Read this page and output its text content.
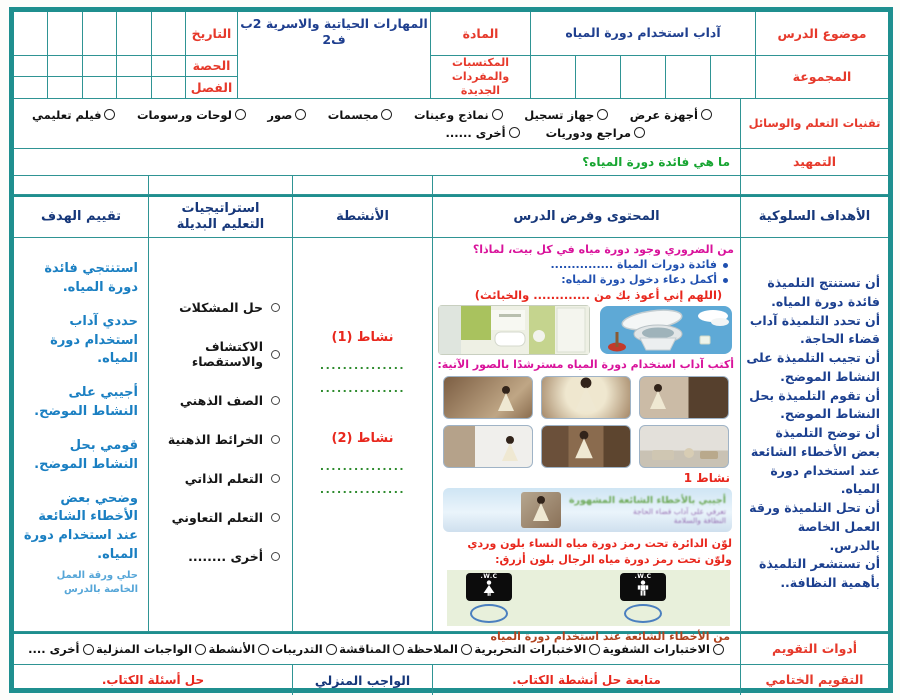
موضوع الدرس
المجموعة
آداب استخدام دورة المياه
المادة
المكتسبات والمفردات الجديدة
المهارات الحياتية والاسرية 2ب ف2
التاريخ
الحصة
الفصل
تقنيات التعلم والوسائل
أجهزة عرض
جهاز تسجيل
نماذج وعينات
مجسمات
صور
لوحات ورسومات
فيلم تعليمي
مراجع ودوريات
أخرى ......
التمهيد
ما هي فائدة دورة المياه؟
الأهداف السلوكية
المحتوى وفرض الدرس
الأنشطة
استراتيجيات التعليم البديلة
تقييم الهدف
أن تستنتج التلميذة فائدة دورة المياه.
أن تحدد التلميذة آداب قضاء الحاجة.
أن تجيب التلميذة على النشاط الموضح.
أن تقوم التلميذة بحل النشاط الموضح.
أن توضح التلميذة بعض الأخطاء الشائعة عند استخدام دورة المياه.
أن تحل التلميذة ورقة العمل الخاصة بالدرس.
أن تستشعر التلميذة بأهمية النظافة..
من الضروري وجود دورة مياه في كل بيت، لماذا؟
فائدة دورات المياة ...............
أكمل دعاء دخول دورة المياه:
(اللهم إني أعوذ بك من ............. والخبائث)
أكتب آداب استخدام دورة المياه مسترشدًا بالصور الآتية:
نشاط 1
أجيبي بالأخطاء الشائعة المشهورة
تعرفي على آداب قضاء الحاجة
النظافة والسلامة
لوّن الدائرة تحت رمز دورة مياه النساء بلون وردي ولوّن تحت رمز دورة مياه الرجال بلون أزرق:
W.C.
W.C.
من الأخطاء الشائعة عند استخدام دورة المياه
نشاط (1)
...............
...............
نشاط (2)
...............
...............
حل المشكلات
الاكتشاف والاستقصاء
الصف الذهني
الخرائط الذهنية
التعلم الذاتي
التعلم التعاوني
أخرى ........

استنتجي فائدة دورة المياه.

حددي آداب استخدام دورة المياه.

أجيبي على النشاط الموضح.

قومي بحل النشاط الموضح.

وضحي بعض الأخطاء الشائعة عند استخدام دورة المياه.

حلي ورقة العمل الخاصة بالدرس
أدوات التقويم
الاختبارات الشفوية
الاختبارات التحريرية
الملاحظة
المناقشة
التدريبات
الأنشطة
الواجبات المنزلية
أخرى ....
التقويم الختامي
متابعة حل أنشطة الكتاب.
الواجب المنزلي
حل أسئلة الكتاب.
